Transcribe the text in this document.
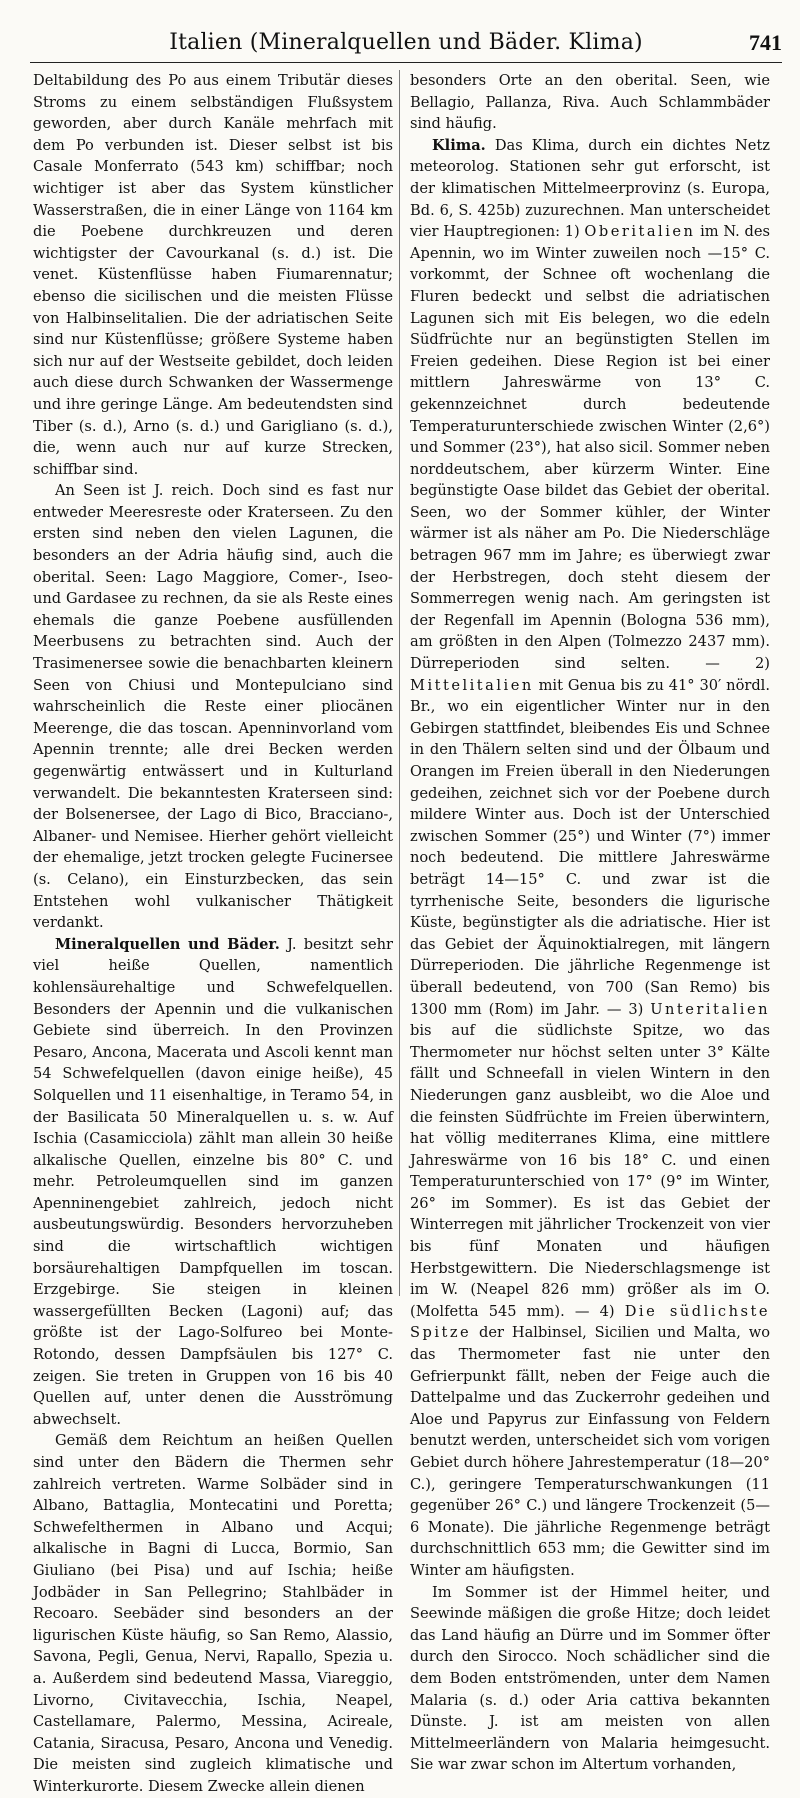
Italien (Mineralquellen und Bäder. Klima)	741

Deltabildung des Po aus einem Tributär dieses Stroms zu einem selbständigen Flußsystem geworden, aber durch Kanäle mehrfach mit dem Po verbunden ist. Dieser selbst ist bis Casale Monferrato (543 km) schiffbar; noch wichtiger ist aber das System künstlicher Wasserstraßen, die in einer Länge von 1164 km die Poebene durchkreuzen und deren wichtigster der Cavourkanal (s. d.) ist. Die venet. Küstenflüsse haben Fiumarennatur; ebenso die sicilischen und die meisten Flüsse von Halbinselitalien. Die der adriatischen Seite sind nur Küstenflüsse; größere Systeme haben sich nur auf der Westseite gebildet, doch leiden auch diese durch Schwanken der Wassermenge und ihre geringe Länge. Am bedeutendsten sind Tiber (s. d.), Arno (s. d.) und Garigliano (s. d.), die, wenn auch nur auf kurze Strecken, schiffbar sind.

An Seen ist J. reich. Doch sind es fast nur entweder Meeresreste oder Kraterseen. Zu den ersten sind neben den vielen Lagunen, die besonders an der Adria häufig sind, auch die oberital. Seen: Lago Maggiore, Comer-, Iseo- und Gardasee zu rechnen, da sie als Reste eines ehemals die ganze Poebene ausfüllenden Meerbusens zu betrachten sind. Auch der Trasimenersee sowie die benachbarten kleinern Seen von Chiusi und Montepulciano sind wahrscheinlich die Reste einer pliocänen Meerenge, die das toscan. Apenninvorland vom Apennin trennte; alle drei Becken werden gegenwärtig entwässert und in Kulturland verwandelt. Die bekanntesten Kraterseen sind: der Bolsenersee, der Lago di Bico, Bracciano-, Albaner- und Nemisee. Hierher gehört vielleicht der ehemalige, jetzt trocken gelegte Fucinersee (s. Celano), ein Einsturzbecken, das sein Entstehen wohl vulkanischer Thätigkeit verdankt.

Mineralquellen und Bäder. J. besitzt sehr viel heiße Quellen, namentlich kohlensäurehaltige und Schwefelquellen. Besonders der Apennin und die vulkanischen Gebiete sind überreich. In den Provinzen Pesaro, Ancona, Macerata und Ascoli kennt man 54 Schwefelquellen (davon einige heiße), 45 Solquellen und 11 eisenhaltige, in Teramo 54, in der Basilicata 50 Mineralquellen u. s. w. Auf Ischia (Casamicciola) zählt man allein 30 heiße alkalische Quellen, einzelne bis 80° C. und mehr. Petroleumquellen sind im ganzen Apenninengebiet zahlreich, jedoch nicht ausbeutungswürdig. Besonders hervorzuheben sind die wirtschaftlich wichtigen borsäurehaltigen Dampfquellen im toscan. Erzgebirge. Sie steigen in kleinen wassergefüllten Becken (Lagoni) auf; das größte ist der Lago-Solfureo bei Monte-Rotondo, dessen Dampfsäulen bis 127° C. zeigen. Sie treten in Gruppen von 16 bis 40 Quellen auf, unter denen die Ausströmung abwechselt.

Gemäß dem Reichtum an heißen Quellen sind unter den Bädern die Thermen sehr zahlreich vertreten. Warme Solbäder sind in Albano, Battaglia, Montecatini und Poretta; Schwefelthermen in Albano und Acqui; alkalische in Bagni di Lucca, Bormio, San Giuliano (bei Pisa) und auf Ischia; heiße Jodbäder in San Pellegrino; Stahlbäder in Recoaro. Seebäder sind besonders an der ligurischen Küste häufig, so San Remo, Alassio, Savona, Pegli, Genua, Nervi, Rapallo, Spezia u. a. Außerdem sind bedeutend Massa, Viareggio, Livorno, Civitavecchia, Ischia, Neapel, Castellamare, Palermo, Messina, Acireale, Catania, Siracusa, Pesaro, Ancona und Venedig. Die meisten sind zugleich klimatische und Winterkurorte. Diesem Zwecke allein dienen

besonders Orte an den oberital. Seen, wie Bellagio, Pallanza, Riva. Auch Schlammbäder sind häufig.

Klima. Das Klima, durch ein dichtes Netz meteorolog. Stationen sehr gut erforscht, ist der klimatischen Mittelmeerprovinz (s. Europa, Bd. 6, S. 425b) zuzurechnen. Man unterscheidet vier Hauptregionen: 1) Oberitalien im N. des Apennin, wo im Winter zuweilen noch —15° C. vorkommt, der Schnee oft wochenlang die Fluren bedeckt und selbst die adriatischen Lagunen sich mit Eis belegen, wo die edeln Südfrüchte nur an begünstigten Stellen im Freien gedeihen. Diese Region ist bei einer mittlern Jahreswärme von 13° C. gekennzeichnet durch bedeutende Temperaturunterschiede zwischen Winter (2,6°) und Sommer (23°), hat also sicil. Sommer neben norddeutschem, aber kürzerm Winter. Eine begünstigte Oase bildet das Gebiet der oberital. Seen, wo der Sommer kühler, der Winter wärmer ist als näher am Po. Die Niederschläge betragen 967 mm im Jahre; es überwiegt zwar der Herbstregen, doch steht diesem der Sommerregen wenig nach. Am geringsten ist der Regenfall im Apennin (Bologna 536 mm), am größten in den Alpen (Tolmezzo 2437 mm). Dürreperioden sind selten. — 2) Mittelitalien mit Genua bis zu 41° 30′ nördl. Br., wo ein eigentlicher Winter nur in den Gebirgen stattfindet, bleibendes Eis und Schnee in den Thälern selten sind und der Ölbaum und Orangen im Freien überall in den Niederungen gedeihen, zeichnet sich vor der Poebene durch mildere Winter aus. Doch ist der Unterschied zwischen Sommer (25°) und Winter (7°) immer noch bedeutend. Die mittlere Jahreswärme beträgt 14—15° C. und zwar ist die tyrrhenische Seite, besonders die ligurische Küste, begünstigter als die adriatische. Hier ist das Gebiet der Äquinoktialregen, mit längern Dürreperioden. Die jährliche Regenmenge ist überall bedeutend, von 700 (San Remo) bis 1300 mm (Rom) im Jahr. — 3) Unteritalien bis auf die südlichste Spitze, wo das Thermometer nur höchst selten unter 3° Kälte fällt und Schneefall in vielen Wintern in den Niederungen ganz ausbleibt, wo die Aloe und die feinsten Südfrüchte im Freien überwintern, hat völlig mediterranes Klima, eine mittlere Jahreswärme von 16 bis 18° C. und einen Temperaturunterschied von 17° (9° im Winter, 26° im Sommer). Es ist das Gebiet der Winterregen mit jährlicher Trockenzeit von vier bis fünf Monaten und häufigen Herbstgewittern. Die Niederschlagsmenge ist im W. (Neapel 826 mm) größer als im O. (Molfetta 545 mm). — 4) Die südlichste Spitze der Halbinsel, Sicilien und Malta, wo das Thermometer fast nie unter den Gefrierpunkt fällt, neben der Feige auch die Dattelpalme und das Zuckerrohr gedeihen und Aloe und Papyrus zur Einfassung von Feldern benutzt werden, unterscheidet sich vom vorigen Gebiet durch höhere Jahrestemperatur (18—20° C.), geringere Temperaturschwankungen (11 gegenüber 26° C.) und längere Trockenzeit (5—6 Monate). Die jährliche Regenmenge beträgt durchschnittlich 653 mm; die Gewitter sind im Winter am häufigsten.

Im Sommer ist der Himmel heiter, und Seewinde mäßigen die große Hitze; doch leidet das Land häufig an Dürre und im Sommer öfter durch den Sirocco. Noch schädlicher sind die dem Boden entströmenden, unter dem Namen Malaria (s. d.) oder Aria cattiva bekannten Dünste. J. ist am meisten von allen Mittelmeerländern von Malaria heimgesucht. Sie war zwar schon im Altertum vorhanden,
